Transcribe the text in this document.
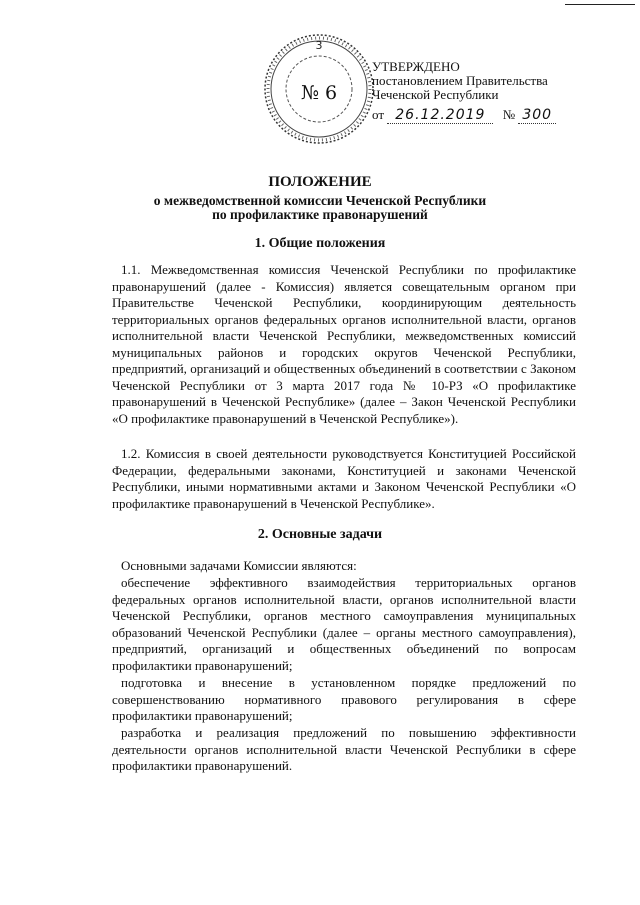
3
№ 6
УТВЕРЖДЕНО
постановлением Правительства
Чеченской Республики
от 26.12.2019 № 300
ПОЛОЖЕНИЕ
о межведомственной комиссии Чеченской Республики
по профилактике правонарушений
1. Общие положения
1.1. Межведомственная комиссия Чеченской Республики по профилактике правонарушений (далее - Комиссия) является совещательным органом при Правительстве Чеченской Республики, координирующим деятельность территориальных органов федеральных органов исполнительной власти, органов исполнительной власти Чеченской Республики, межведомственных комиссий муниципальных районов и городских округов Чеченской Республики, предприятий, организаций и общественных объединений в соответствии с Законом Чеченской Республики от 3 марта 2017 года № 10-РЗ «О профилактике правонарушений в Чеченской Республике» (далее – Закон Чеченской Республики «О профилактике правонарушений в Чеченской Республике»).
1.2. Комиссия в своей деятельности руководствуется Конституцией Российской Федерации, федеральными законами, Конституцией и законами Чеченской Республики, иными нормативными актами и Законом Чеченской Республики «О профилактике правонарушений в Чеченской Республике».
2. Основные задачи
Основными задачами Комиссии являются:
обеспечение эффективного взаимодействия территориальных органов федеральных органов исполнительной власти, органов исполнительной власти Чеченской Республики, органов местного самоуправления муниципальных образований Чеченской Республики (далее – органы местного самоуправления), предприятий, организаций и общественных объединений по вопросам профилактики правонарушений;
подготовка и внесение в установленном порядке предложений по совершенствованию нормативного правового регулирования в сфере профилактики правонарушений;
разработка и реализация предложений по повышению эффективности деятельности органов исполнительной власти Чеченской Республики в сфере профилактики правонарушений.
